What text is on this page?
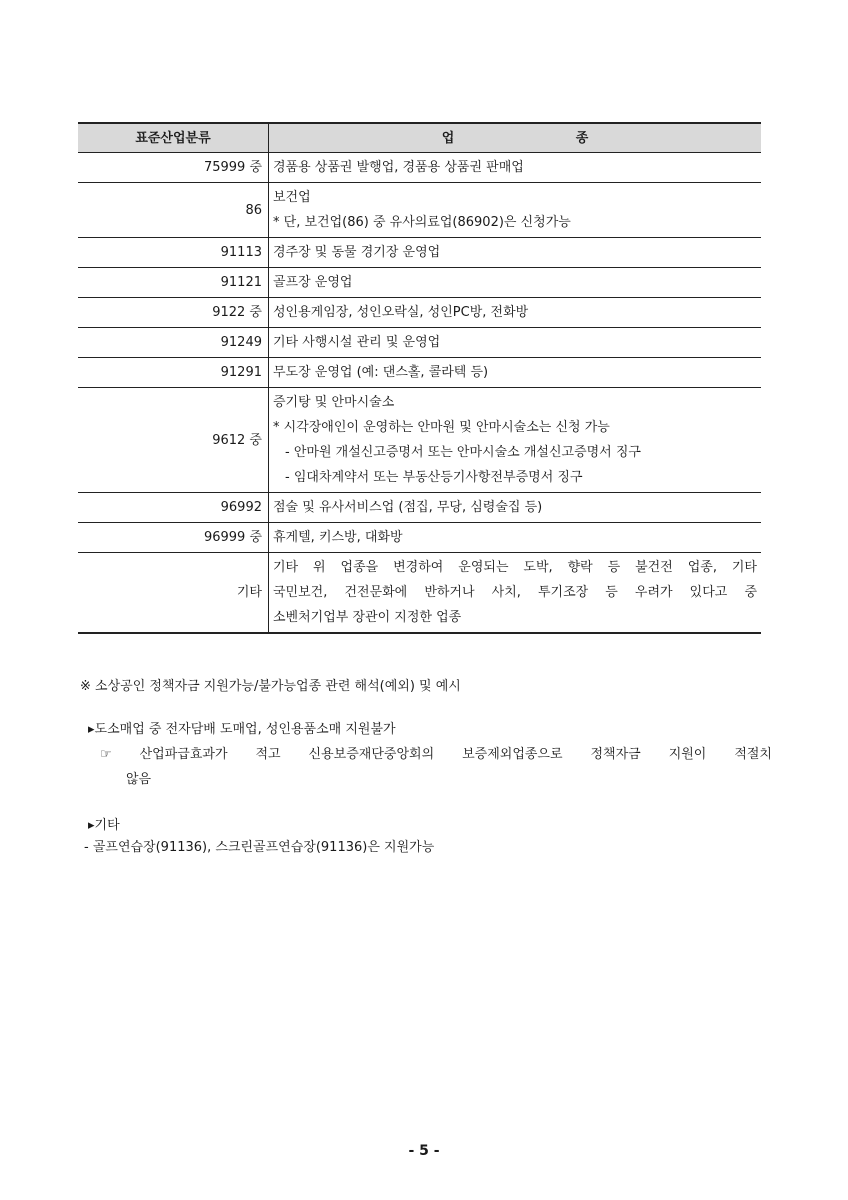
표준산업분류	업 종
75999 중	경품용 상품권 발행업, 경품용 상품권 판매업

86	보건업
* 단, 보건업(86) 중 유사의료업(86902)은 신청가능

91113	경주장 및 동물 경기장 운영업

91121	골프장 운영업

9122 중	성인용게임장, 성인오락실, 성인PC방, 전화방

91249	기타 사행시설 관리 및 운영업

91291	무도장 운영업 (예: 댄스홀, 콜라텍 등)

9612 중	증기탕 및 안마시술소
* 시각장애인이 운영하는 안마원 및 안마시술소는 신청 가능
- 안마원 개설신고증명서 또는 안마시술소 개설신고증명서 징구
- 임대차계약서 또는 부동산등기사항전부증명서 징구

96992	점술 및 유사서비스업 (점집, 무당, 심령술집 등)

96999 중	휴게텔, 키스방, 대화방

기타	기타 위 업종을 변경하여 운영되는 도박, 향락 등 불건전 업종, 기타
국민보건, 건전문화에 반하거나 사치, 투기조장 등 우려가 있다고 중
소벤처기업부 장관이 지정한 업종
※ 소상공인 정책자금 지원가능/불가능업종 관련 해석(예외) 및 예시
▸도소매업 중 전자담배 도매업, 성인용품소매 지원불가
☞ 산업파급효과가 적고 신용보증재단중앙회의 보증제외업종으로 정책자금 지원이 적절치
않음
▸기타
- 골프연습장(91136), 스크린골프연습장(91136)은 지원가능
- 5 -
